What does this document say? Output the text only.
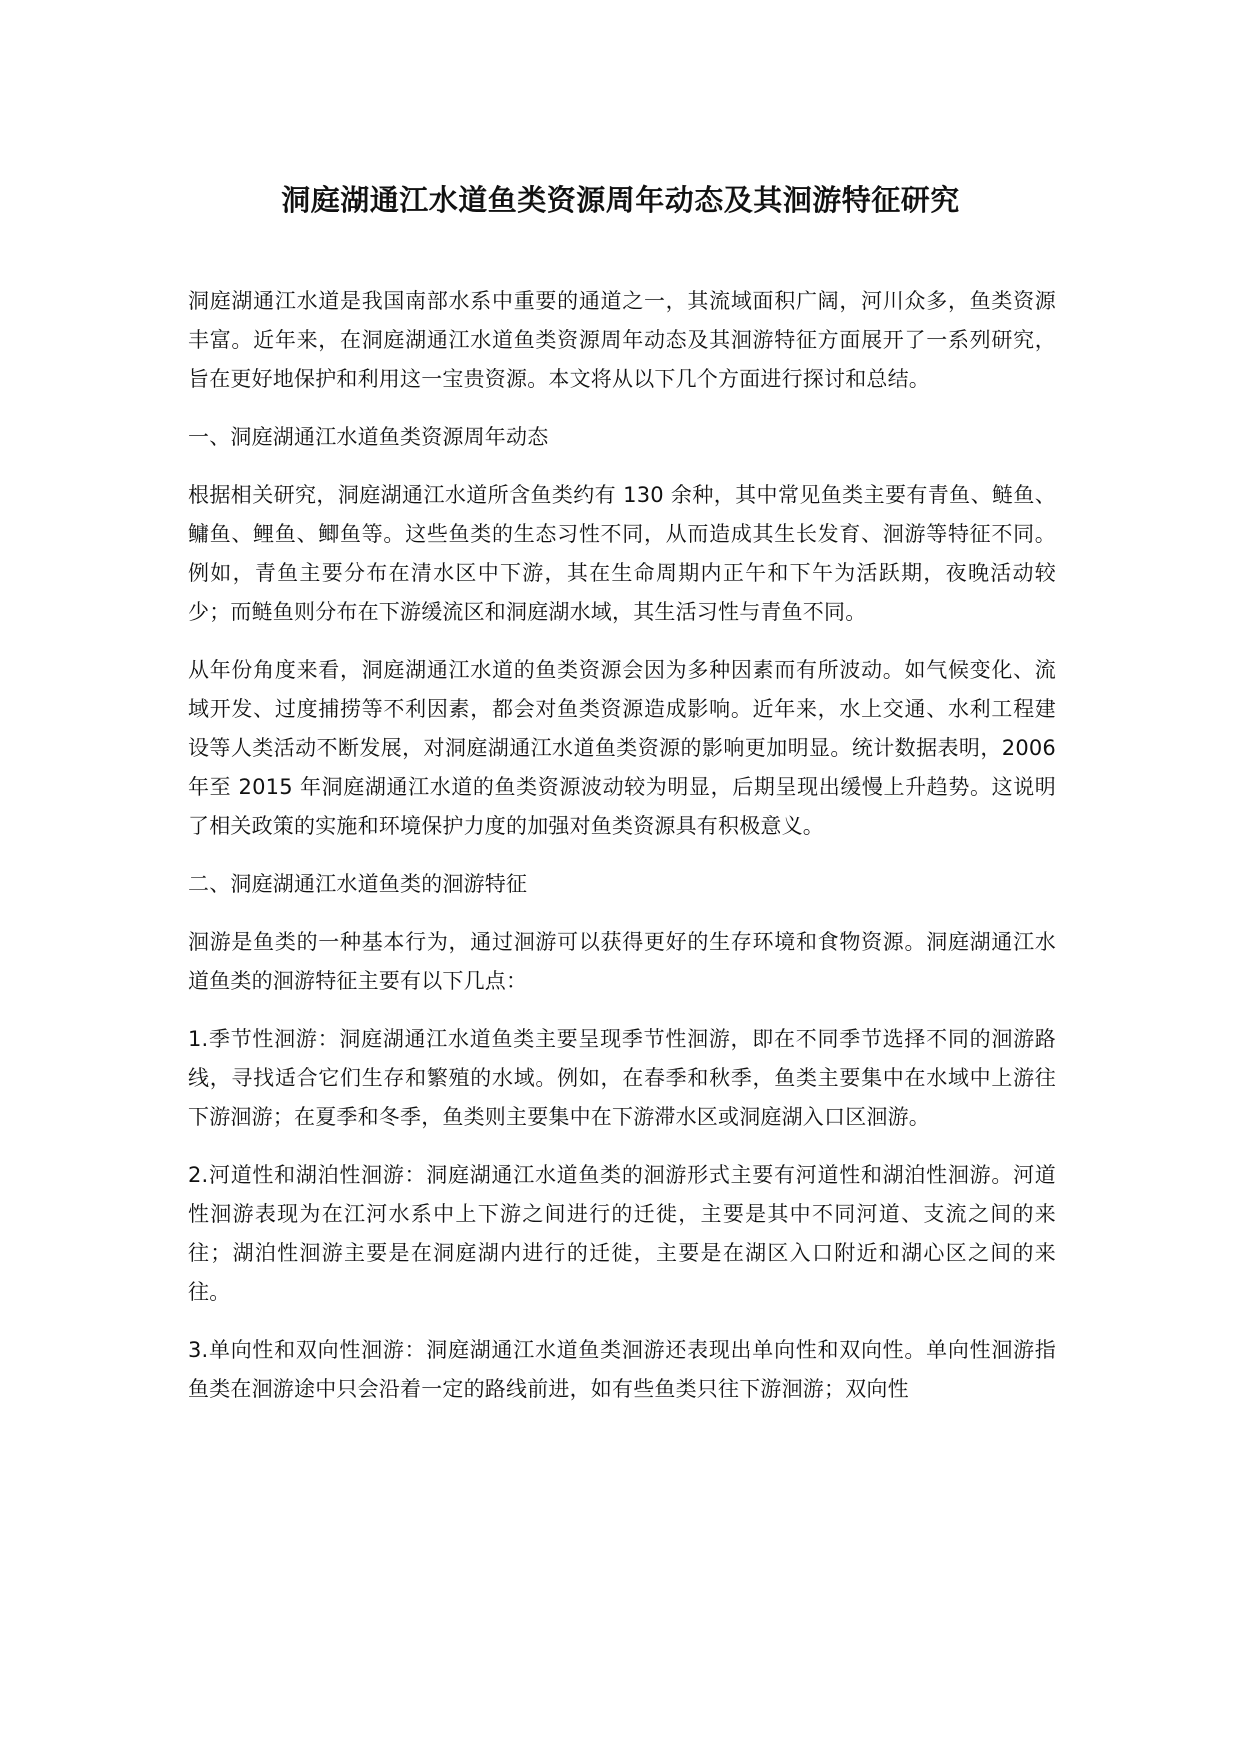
洞庭湖通江水道鱼类资源周年动态及其洄游特征研究

洞庭湖通江水道是我国南部水系中重要的通道之一，其流域面积广阔，河川众多，鱼类资源丰富。近年来，在洞庭湖通江水道鱼类资源周年动态及其洄游特征方面展开了一系列研究，旨在更好地保护和利用这一宝贵资源。本文将从以下几个方面进行探讨和总结。

一、洞庭湖通江水道鱼类资源周年动态

根据相关研究，洞庭湖通江水道所含鱼类约有 130 余种，其中常见鱼类主要有青鱼、鲢鱼、鳙鱼、鲤鱼、鲫鱼等。这些鱼类的生态习性不同，从而造成其生长发育、洄游等特征不同。例如，青鱼主要分布在清水区中下游，其在生命周期内正午和下午为活跃期，夜晚活动较少；而鲢鱼则分布在下游缓流区和洞庭湖水域，其生活习性与青鱼不同。

从年份角度来看，洞庭湖通江水道的鱼类资源会因为多种因素而有所波动。如气候变化、流域开发、过度捕捞等不利因素，都会对鱼类资源造成影响。近年来，水上交通、水利工程建设等人类活动不断发展，对洞庭湖通江水道鱼类资源的影响更加明显。统计数据表明，2006 年至 2015 年洞庭湖通江水道的鱼类资源波动较为明显，后期呈现出缓慢上升趋势。这说明了相关政策的实施和环境保护力度的加强对鱼类资源具有积极意义。

二、洞庭湖通江水道鱼类的洄游特征

洄游是鱼类的一种基本行为，通过洄游可以获得更好的生存环境和食物资源。洞庭湖通江水道鱼类的洄游特征主要有以下几点：

1.季节性洄游：洞庭湖通江水道鱼类主要呈现季节性洄游，即在不同季节选择不同的洄游路线，寻找适合它们生存和繁殖的水域。例如，在春季和秋季，鱼类主要集中在水域中上游往下游洄游；在夏季和冬季，鱼类则主要集中在下游滞水区或洞庭湖入口区洄游。

2.河道性和湖泊性洄游：洞庭湖通江水道鱼类的洄游形式主要有河道性和湖泊性洄游。河道性洄游表现为在江河水系中上下游之间进行的迁徙，主要是其中不同河道、支流之间的来往；湖泊性洄游主要是在洞庭湖内进行的迁徙，主要是在湖区入口附近和湖心区之间的来往。

3.单向性和双向性洄游：洞庭湖通江水道鱼类洄游还表现出单向性和双向性。单向性洄游指鱼类在洄游途中只会沿着一定的路线前进，如有些鱼类只往下游洄游；双向性
